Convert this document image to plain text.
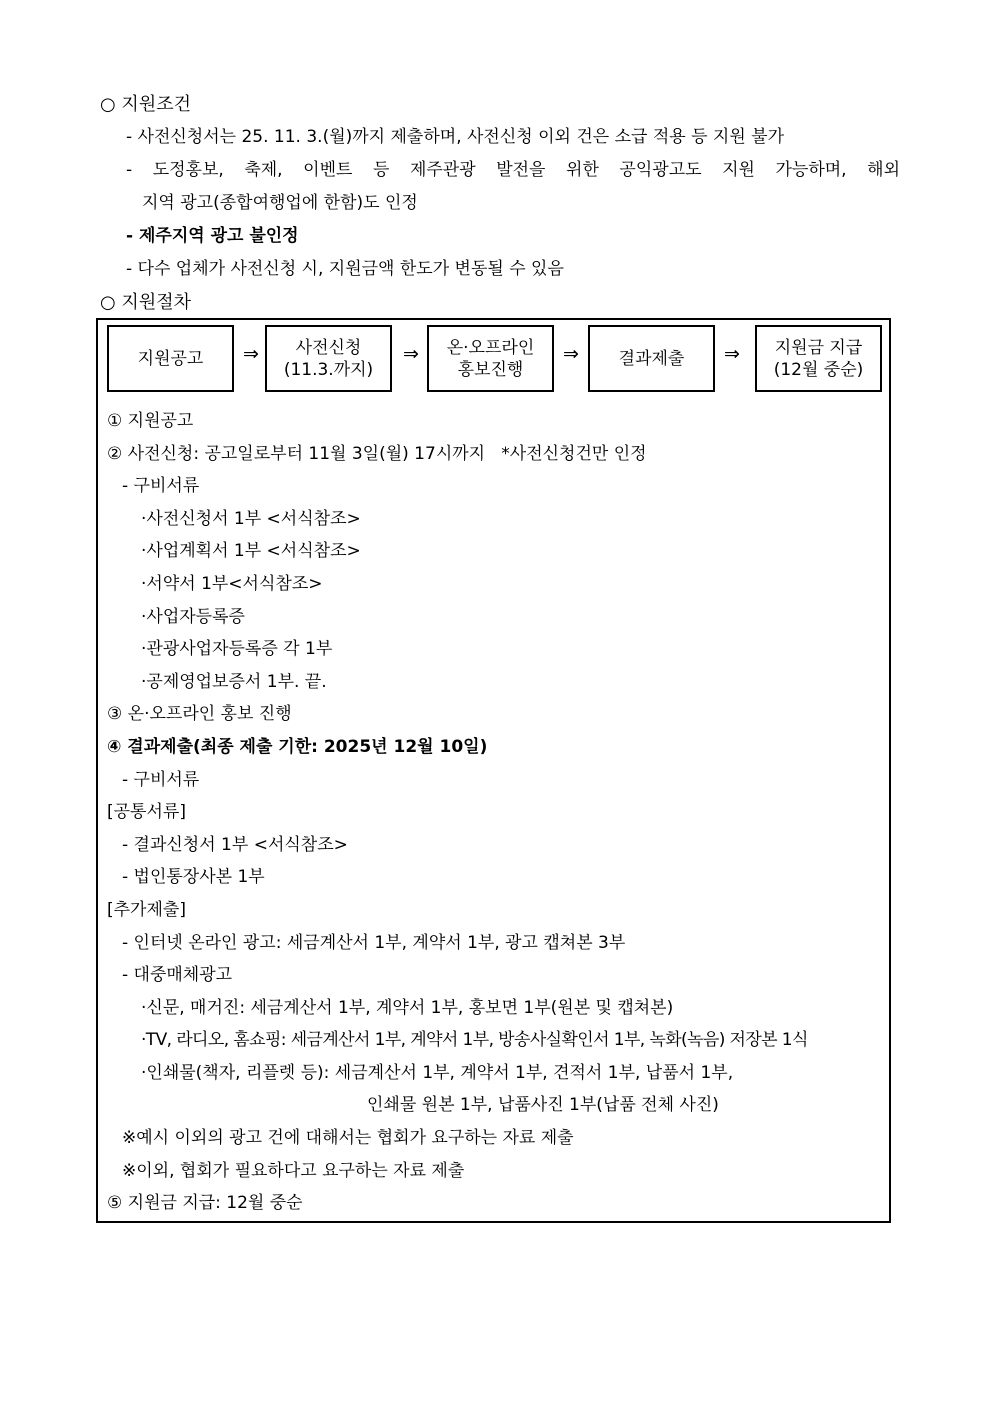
○ 지원조건
- 사전신청서는 25. 11. 3.(월)까지 제출하며, 사전신청 이외 건은 소급 적용 등 지원 불가
- 도정홍보, 축제, 이벤트 등 제주관광 발전을 위한 공익광고도 지원 가능하며, 해외
지역 광고(종합여행업에 한함)도 인정
- 제주지역 광고 불인정
- 다수 업체가 사전신청 시, 지원금액 한도가 변동될 수 있음
○ 지원절차
지원공고	⇒	사전신청
(11.3.까지)
⇒	온·오프라인
홍보진행
⇒	결과제출	⇒	지원금 지급
(12월 중순)
① 지원공고
② 사전신청: 공고일로부터 11월 3일(월) 17시까지   *사전신청건만 인정
- 구비서류
·사전신청서 1부 <서식참조>
·사업계획서 1부 <서식참조>
·서약서 1부<서식참조>
·사업자등록증
·관광사업자등록증 각 1부
·공제영업보증서 1부. 끝.
③ 온·오프라인 홍보 진행
④ 결과제출(최종 제출 기한: 2025년 12월 10일)
- 구비서류
[공통서류]
- 결과신청서 1부 <서식참조>
- 법인통장사본 1부
[추가제출]
- 인터넷 온라인 광고: 세금계산서 1부, 계약서 1부, 광고 캡쳐본 3부
- 대중매체광고
·신문, 매거진: 세금계산서 1부, 계약서 1부, 홍보면 1부(원본 및 캡쳐본)
·TV, 라디오, 홈쇼핑: 세금계산서 1부, 계약서 1부, 방송사실확인서 1부, 녹화(녹음) 저장본 1식
·인쇄물(책자, 리플렛 등): 세금계산서 1부, 계약서 1부, 견적서 1부, 납품서 1부,
인쇄물 원본 1부, 납품사진 1부(납품 전체 사진)
※예시 이외의 광고 건에 대해서는 협회가 요구하는 자료 제출
※이외, 협회가 필요하다고 요구하는 자료 제출
⑤ 지원금 지급: 12월 중순
